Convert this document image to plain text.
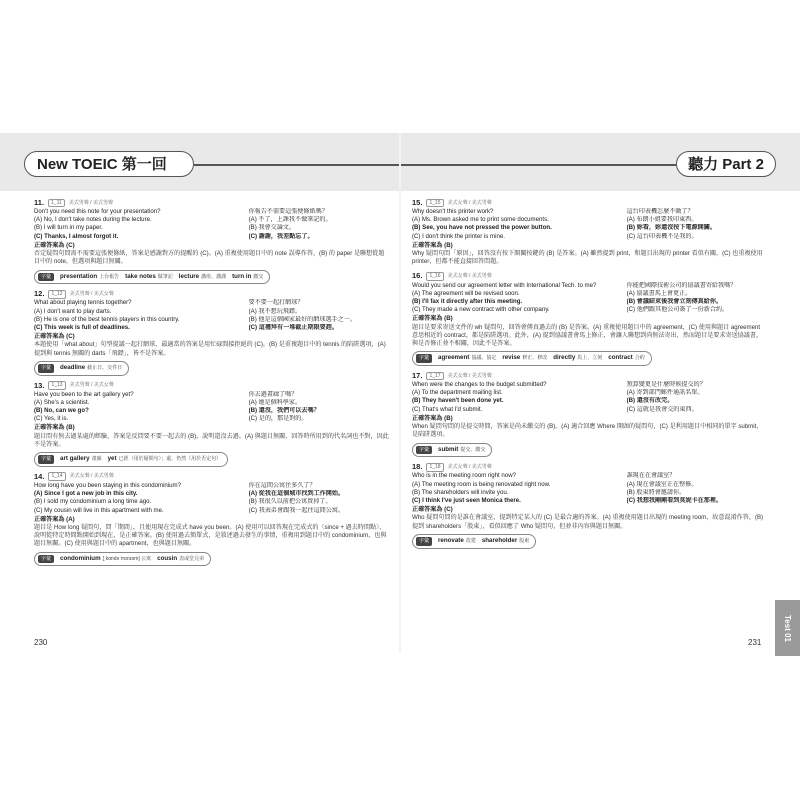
New TOEIC 第一回	聽力 Part 2
11.	1_11	美式男聲 / 美式男聲
Don't you need this note for your presentation?	你報告不需要這張便條紙嗎？
(A) No, I don't take notes during the lecture.	(A) 不了，上課我不做筆記的。
(B) I will turn in my paper.	(B) 我會交論文。
(C) Thanks, I almost forgot it.	(C) 謝謝，我差點忘了。
正確答案為 (C)
否定疑問句問需不需要這張便條紙，答案是感謝對方的提醒的 (C)。(A) 重複使用題目中的 note 誤導作答，(B) 的 paper 是聯想從題目中的 note，但選項與題目無關。
字彙	presentation 上台報告 take notes 做筆記 lecture 講座、講課 turn in 繳交
12.	1_12	美式男聲 / 美式女聲
What about playing tennis together?	要不要一起打網球？
(A) I don't want to play darts.	(A) 我不想玩飛鏢。
(B) He is one of the best tennis players in this country.	(B) 他是這個國家最好的網球選手之一。
(C) This week is full of deadlines.	(C) 這禮拜有一堆截止期限要趕。
正確答案為 (C)
本題使用「what about」句型提議一起打網球，最適當的答案是用忙碌間接拒絕的 (C)。(B) 是重複題目中的 tennis 的陷阱選項，(A) 提到與 tennis 無關的 darts「飛鏢」，皆不是答案。
字彙	deadline 截止日、交件日
13.	1_13	美式男聲 / 美式女聲
Have you been to the art gallery yet?	你去過畫廊了嗎？
(A) She's a scientist.	(A) 她是個科學家。
(B) No, can we go?	(B) 還沒，我們可以去嗎？
(C) Yes, it is.	(C) 是的，那是對的。
正確答案為 (B)
題目問有無去過某處的經驗，答案是反問要不要一起去的 (B)，說明還沒去過。(A) 與題目無關，回答時所用到的代名詞也不對，因此不是答案。
字彙	art gallery 畫廊 yet 已經（用於疑問句）；還、仍然（用於否定句）
14.	1_14	美式女聲 / 美式男聲
How long have you been staying in this condominium?	你在這間公寓住多久了？
(A) Since I got a new job in this city.	(A) 從我在這個城市找到工作開始。
(B) I sold my condominium a long time ago.	(B) 我很久以前把公寓賣掉了。
(C) My cousin will live in this apartment with me.	(C) 我表弟會跟我一起住這間公寓。
正確答案為 (A)
題目是 How long 疑問句，問「期間」，且使用現在完成式 have you been。(A) 使用可以回答現在完成式的〈since + 過去時間點〉，說明從特定時間點開始到現在，是正確答案。(B) 使用過去簡單式，是敘述過去發生的事情，重複用到題目中的 condominium，也與題目無關。(C) 使用與題目中的 apartment，也與題目無關。
字彙	condominium [ˌkɑndəˈmɪnɪəm] 公寓 cousin 表或堂兄弟
15.	1_15	美式女聲 / 美式男聲
Why doesn't this printer work?	這台印表機怎麼不動了？
(A) Ms. Brown asked me to print some documents.	(A) 布朗小姐要我印東西。
(B) See, you have not pressed the power button.	(B) 妳看，妳還沒按下電源開關。
(C) I don't think the printer is mine.	(C) 這台印表機不是我的。
正確答案為 (B)
Why 疑問句問「原因」，回答沒有按下開關按鍵的 (B) 是答案。(A) 雖然提到 print，和題目出現的 printer 看似有關，(C) 也重複使用 printer，但都不能直接回答問題。
16.	1_16	美式女聲 / 美式男聲
Would you send our agreement letter with International Tech. to me?	你能把國際技術公司的協議書寄給我嗎？
(A) The agreement will be revised soon.	(A) 協議書馬上會更正。
(B) I'll fax it directly after this meeting.	(B) 會議結束後我會立刻傳真給你。
(C) They made a new contract with other company.	(C) 他們跟其他公司簽了一份新合約。
正確答案為 (B)
題目是要求寄送文件的 wh 疑問句，回答會傳真過去的 (B) 是答案。(A) 重複使用題目中的 agreement，(C) 使用與題目 agreement 意思相近的 contract，都是陷阱選項。此外，(A) 提到協議書會馬上修正，會讓人聯想到尚無法寄出，然而題目是要求寄送協議書，與是否修正並不相關，因此不是答案。
字彙	agreement 協議、協定 revise 修正、修改 directly 馬上、立刻 contract 合約
17.	1_17	美式女聲 / 美式男聲
When were the changes to the budget submitted?	預算變更是什麼時候提交的？
(A) To the department mailing list.	(A) 寄到部門郵件通訊名單。
(B) They haven't been done yet.	(B) 還沒有改完。
(C) That's what I'd submit.	(C) 這就是我會交的東西。
正確答案為 (B)
When 疑問句問的是提交時間，答案是尚未繳交的 (B)。(A) 適合回應 Where 開頭的疑問句，(C) 是利用題目中相同的單字 submit，是陷阱選項。
字彙	submit 提交、繳交
18.	1_18	美式女聲 / 美式男聲
Who is in the meeting room right now?	誰現在在會議室？
(A) The meeting room is being renovated right now.	(A) 現在會議室正在整修。
(B) The shareholders will invite you.	(B) 股東將會邀請你。
(C) I think I've just seen Monica there.	(C) 我想我剛剛看到莫妮卡在那裡。
正確答案為 (C)
Who 疑問句問的是誰在會議室，提到特定某人的 (C) 是最合適的答案。(A) 重複使用題目出現的 meeting room，故意混淆作答，(B) 提到 shareholders「股東」，看似回應了 Who 疑問句，但並非內容與題目無關。
字彙	renovate 改建 shareholder 股東
230	231
Test 01
